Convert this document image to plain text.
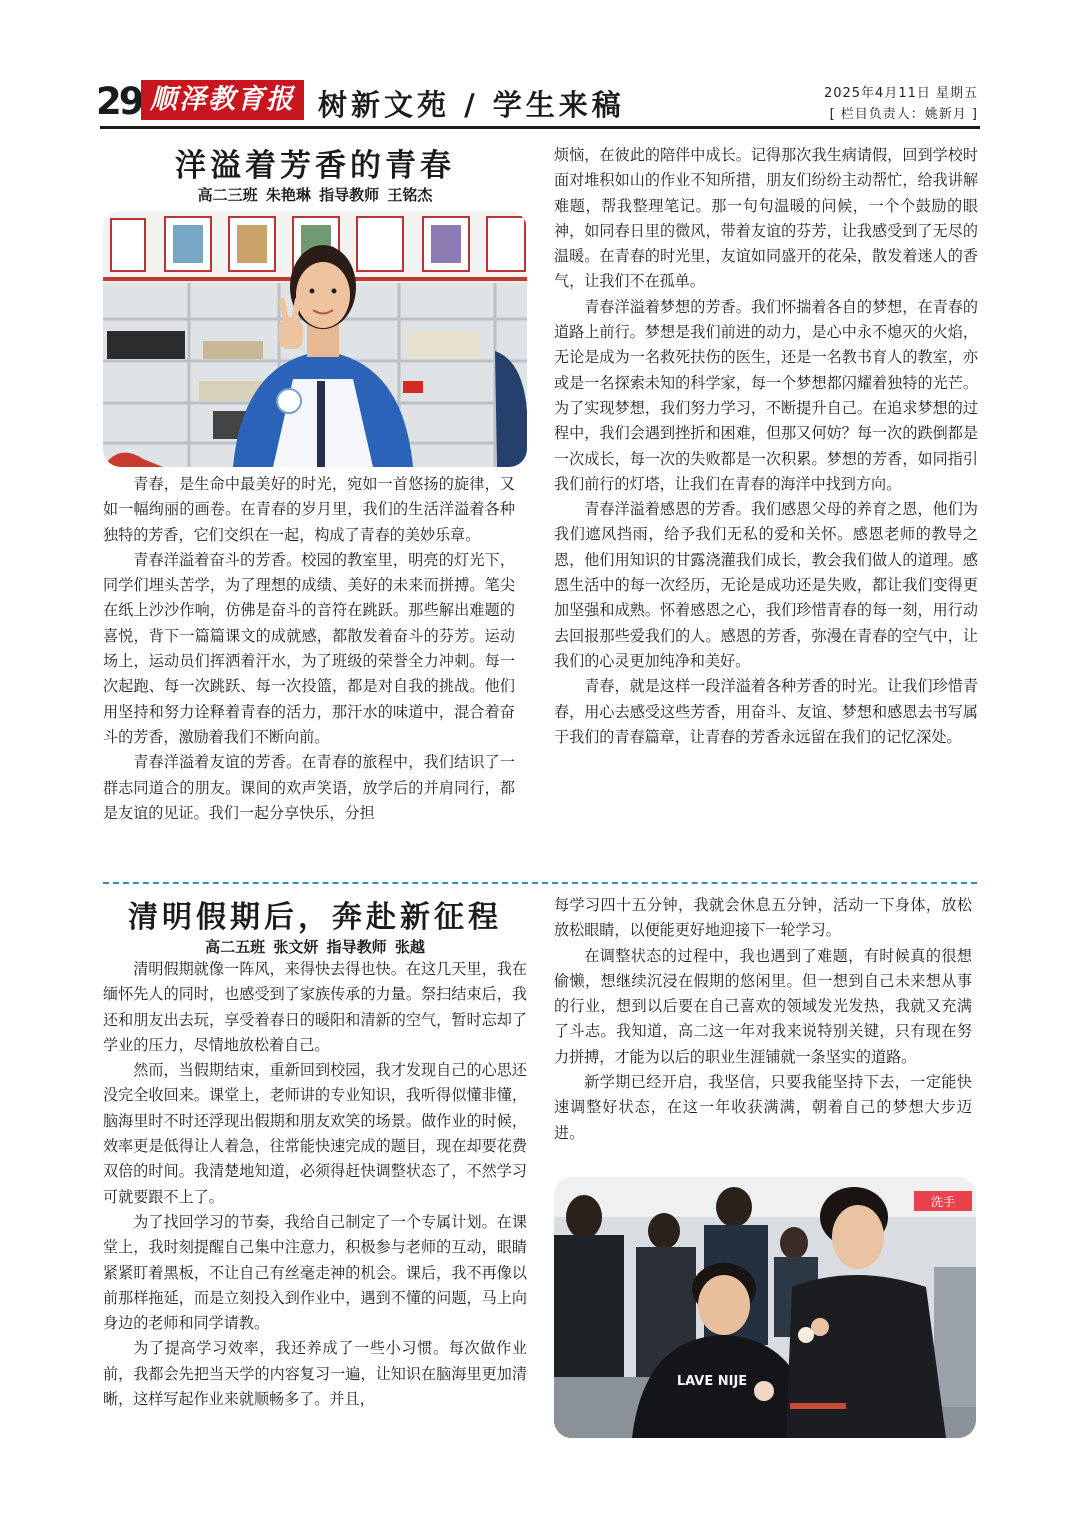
29 顺泽教育报 树新文苑 / 学生来稿	2025年4月11日 星期五
[ 栏目负责人：姚新月 ]
洋溢着芳香的青春
高二三班 朱艳琳 指导教师 王铭杰

青春，是生命中最美好的时光，宛如一首悠扬的旋律，又如一幅绚丽的画卷。在青春的岁月里，我们的生活洋溢着各种独特的芳香，它们交织在一起，构成了青春的美妙乐章。

青春洋溢着奋斗的芳香。校园的教室里，明亮的灯光下，同学们埋头苦学，为了理想的成绩、美好的未来而拼搏。笔尖在纸上沙沙作响，仿佛是奋斗的音符在跳跃。那些解出难题的喜悦，背下一篇篇课文的成就感，都散发着奋斗的芬芳。运动场上，运动员们挥洒着汗水，为了班级的荣誉全力冲刺。每一次起跑、每一次跳跃、每一次投篮，都是对自我的挑战。他们用坚持和努力诠释着青春的活力，那汗水的味道中，混合着奋斗的芳香，激励着我们不断向前。

青春洋溢着友谊的芳香。在青春的旅程中，我们结识了一群志同道合的朋友。课间的欢声笑语，放学后的并肩同行，都是友谊的见证。我们一起分享快乐，分担

烦恼，在彼此的陪伴中成长。记得那次我生病请假，回到学校时面对堆积如山的作业不知所措，朋友们纷纷主动帮忙，给我讲解难题，帮我整理笔记。那一句句温暖的问候，一个个鼓励的眼神，如同春日里的微风，带着友谊的芬芳，让我感受到了无尽的温暖。在青春的时光里，友谊如同盛开的花朵，散发着迷人的香气，让我们不在孤单。

青春洋溢着梦想的芳香。我们怀揣着各自的梦想，在青春的道路上前行。梦想是我们前进的动力，是心中永不熄灭的火焰，无论是成为一名救死扶伤的医生，还是一名教书育人的教室，亦或是一名探索未知的科学家，每一个梦想都闪耀着独特的光芒。为了实现梦想，我们努力学习，不断提升自己。在追求梦想的过程中，我们会遇到挫折和困难，但那又何妨？每一次的跌倒都是一次成长，每一次的失败都是一次积累。梦想的芳香，如同指引我们前行的灯塔，让我们在青春的海洋中找到方向。

青春洋溢着感恩的芳香。我们感恩父母的养育之恩，他们为我们遮风挡雨，给予我们无私的爱和关怀。感恩老师的教导之恩，他们用知识的甘露浇灌我们成长，教会我们做人的道理。感恩生活中的每一次经历，无论是成功还是失败，都让我们变得更加坚强和成熟。怀着感恩之心，我们珍惜青春的每一刻，用行动去回报那些爱我们的人。感恩的芳香，弥漫在青春的空气中，让我们的心灵更加纯净和美好。

青春，就是这样一段洋溢着各种芳香的时光。让我们珍惜青春，用心去感受这些芳香，用奋斗、友谊、梦想和感恩去书写属于我们的青春篇章，让青春的芳香永远留在我们的记忆深处。

清明假期后，奔赴新征程
高二五班 张文妍 指导教师 张越

清明假期就像一阵风，来得快去得也快。在这几天里，我在缅怀先人的同时，也感受到了家族传承的力量。祭扫结束后，我还和朋友出去玩，享受着春日的暖阳和清新的空气，暂时忘却了学业的压力，尽情地放松着自己。

然而，当假期结束，重新回到校园，我才发现自己的心思还没完全收回来。课堂上，老师讲的专业知识，我听得似懂非懂，脑海里时不时还浮现出假期和朋友欢笑的场景。做作业的时候，效率更是低得让人着急，往常能快速完成的题目，现在却要花费双倍的时间。我清楚地知道，必须得赶快调整状态了，不然学习可就要跟不上了。

为了找回学习的节奏，我给自己制定了一个专属计划。在课堂上，我时刻提醒自己集中注意力，积极参与老师的互动，眼睛紧紧盯着黑板，不让自己有丝毫走神的机会。课后，我不再像以前那样拖延，而是立刻投入到作业中，遇到不懂的问题，马上向身边的老师和同学请教。

为了提高学习效率，我还养成了一些小习惯。每次做作业前，我都会先把当天学的内容复习一遍，让知识在脑海里更加清晰，这样写起作业来就顺畅多了。并且，

每学习四十五分钟，我就会休息五分钟，活动一下身体，放松放松眼睛，以便能更好地迎接下一轮学习。

在调整状态的过程中，我也遇到了难题，有时候真的很想偷懒，想继续沉浸在假期的悠闲里。但一想到自己未来想从事的行业，想到以后要在自己喜欢的领域发光发热，我就又充满了斗志。我知道，高二这一年对我来说特别关键，只有现在努力拼搏，才能为以后的职业生涯铺就一条坚实的道路。

新学期已经开启，我坚信，只要我能坚持下去，一定能快速调整好状态，在这一年收获满满，朝着自己的梦想大步迈进。

洗手
LAVE NIJE
